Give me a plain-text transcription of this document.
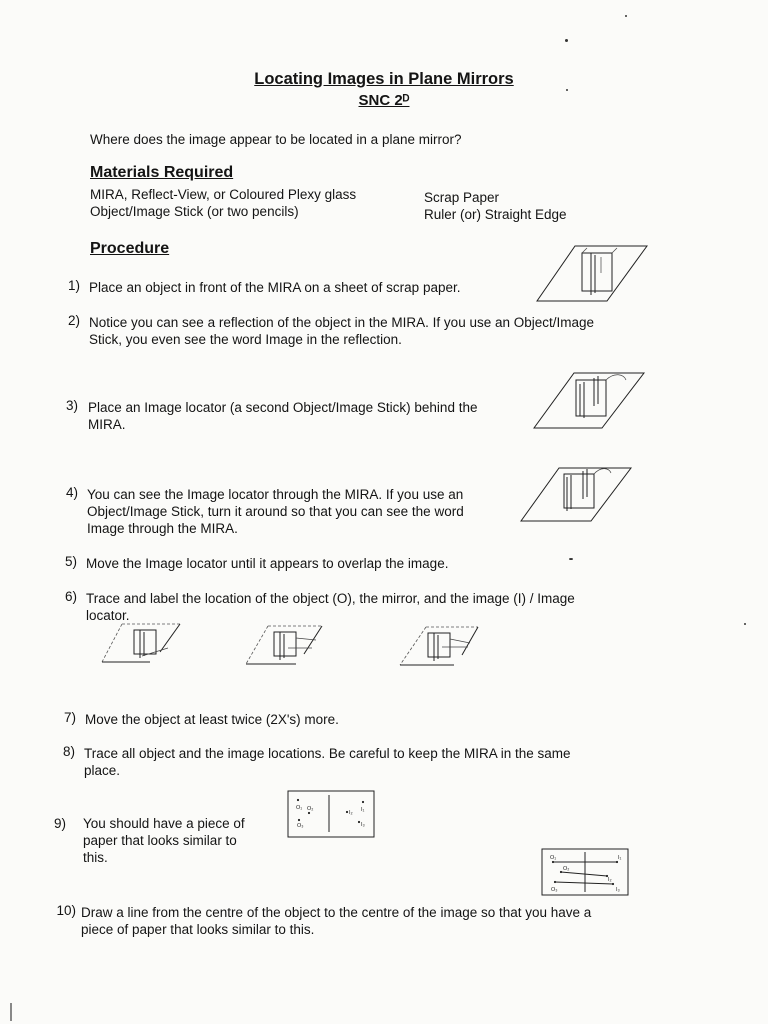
Locating Images in Plane Mirrors
SNC 2ᴰ
Where does the image appear to be located in a plane mirror?
Materials Required
MIRA, Reflect-View, or Coloured Plexy glass
Object/Image Stick (or two pencils)
Scrap Paper
Ruler (or) Straight Edge
Procedure
1) Place an object in front of the MIRA on a sheet of scrap paper.
2) Notice you can see a reflection of the object in the MIRA. If you use an Object/Image
Stick, you even see the word Image in the reflection.
3) Place an Image locator (a second Object/Image Stick) behind the
MIRA.
4) You can see the Image locator through the MIRA. If you use an
Object/Image Stick, turn it around so that you can see the word
Image through the MIRA.
5) Move the Image locator until it appears to overlap the image.
6) Trace and label the location of the object (O), the mirror, and the image (I) / Image
locator.
7) Move the object at least twice (2X's) more.
8) Trace all object and the image locations. Be careful to keep the MIRA in the same
place.
9) You should have a piece of
paper that looks similar to
this.
10) Draw a line from the centre of the object to the centre of the image so that you have a
piece of paper that looks similar to this.
O₁ O₂
O₃
I₁
I₂
I₃
O₁
O₂
O₃
I₁
I₂
I₃
